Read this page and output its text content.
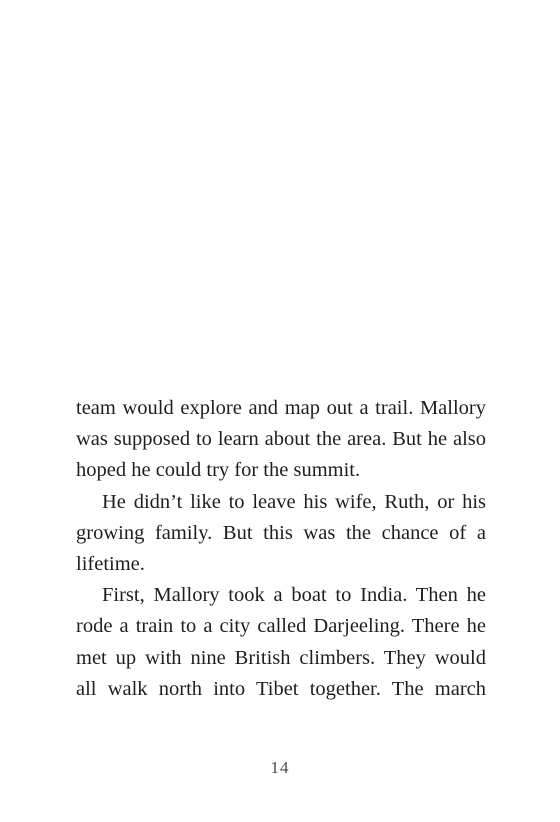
team would explore and map out a trail. Mallory
was supposed to learn about the area. But he also
hoped he could try for the summit.
He didn’t like to leave his wife, Ruth, or his
growing family. But this was the chance of a
lifetime.
First, Mallory took a boat to India. Then he
rode a train to a city called Darjeeling. There he
met up with nine British climbers. They would
all walk north into Tibet together. The march
14
